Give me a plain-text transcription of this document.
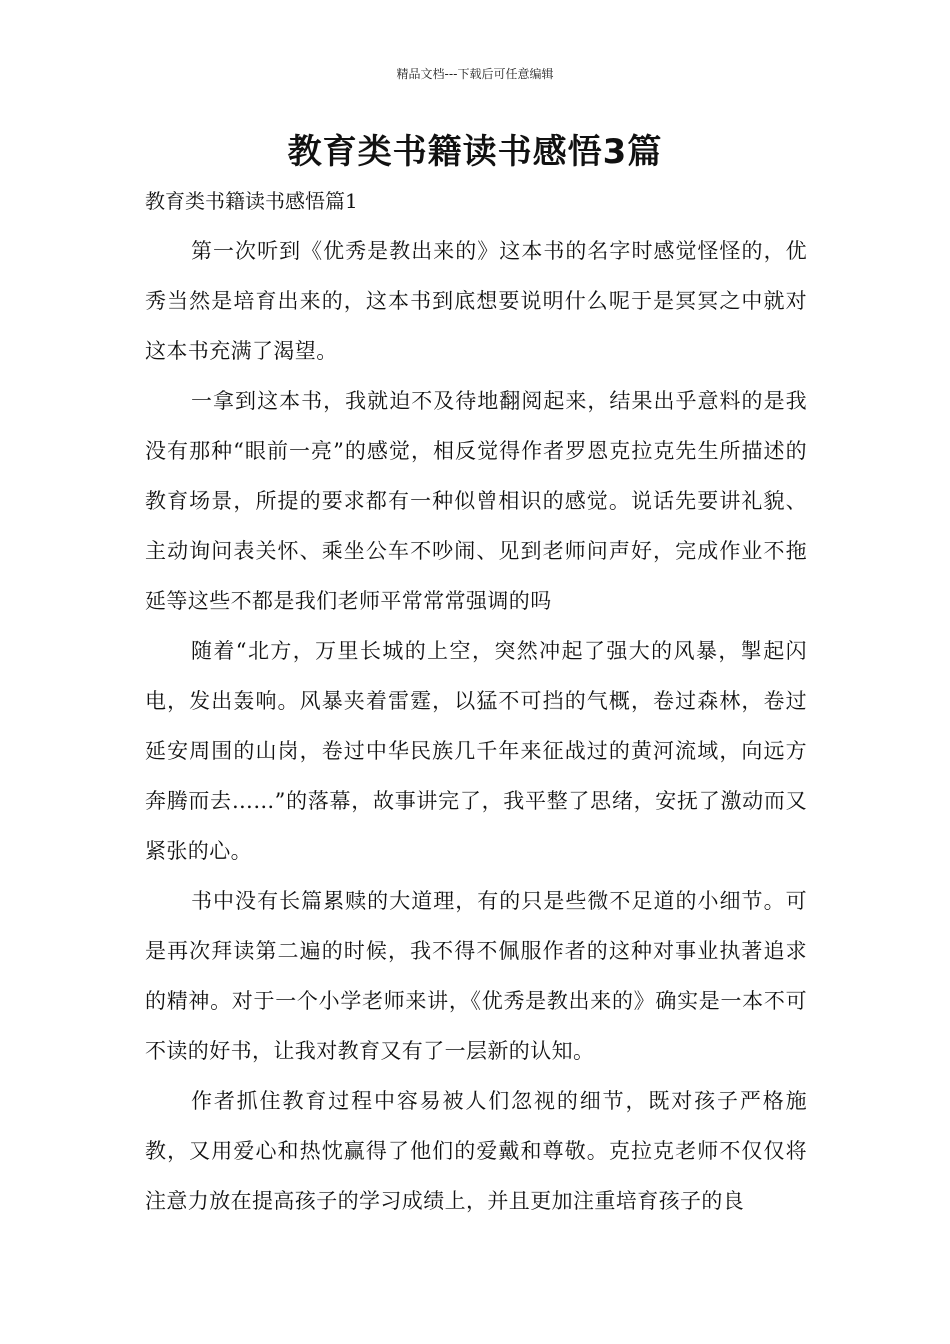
精品文档---下载后可任意编辑
教育类书籍读书感悟3篇
教育类书籍读书感悟篇1

第一次听到《优秀是教出来的》这本书的名字时感觉怪怪的，优秀当然是培育出来的，这本书到底想要说明什么呢于是冥冥之中就对这本书充满了渴望。

一拿到这本书，我就迫不及待地翻阅起来，结果出乎意料的是我没有那种“眼前一亮”的感觉，相反觉得作者罗恩克拉克先生所描述的教育场景，所提的要求都有一种似曾相识的感觉。说话先要讲礼貌、主动询问表关怀、乘坐公车不吵闹、见到老师问声好，完成作业不拖延等这些不都是我们老师平常常常强调的吗

随着“北方，万里长城的上空，突然冲起了强大的风暴，掣起闪电，发出轰响。风暴夹着雷霆，以猛不可挡的气概，卷过森林，卷过延安周围的山岗，卷过中华民族几千年来征战过的黄河流域，向远方奔腾而去……”的落幕，故事讲完了，我平整了思绪，安抚了激动而又紧张的心。

书中没有长篇累赎的大道理，有的只是些微不足道的小细节。可是再次拜读第二遍的时候，我不得不佩服作者的这种对事业执著追求的精神。对于一个小学老师来讲，《优秀是教出来的》确实是一本不可不读的好书，让我对教育又有了一层新的认知。

作者抓住教育过程中容易被人们忽视的细节，既对孩子严格施教，又用爱心和热忱赢得了他们的爱戴和尊敬。克拉克老师不仅仅将注意力放在提高孩子的学习成绩上，并且更加注重培育孩子的良
